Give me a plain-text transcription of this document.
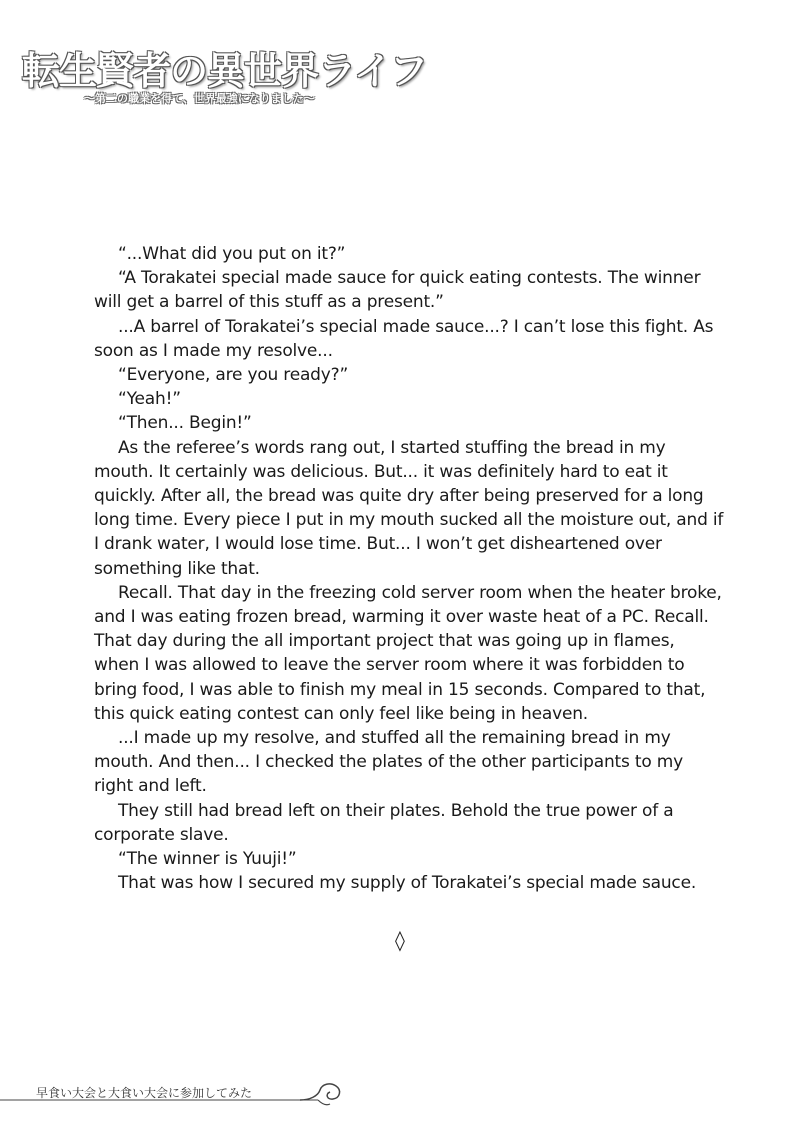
転生賢者の異世界ライフ
〜第二の職業を得て、世界最強になりました〜

“...What did you put on it?”

“A Torakatei special made sauce for quick eating contests. The winner will get a barrel of this stuff as a present.”

...A barrel of Torakatei’s special made sauce...? I can’t lose this fight. As soon as I made my resolve...

“Everyone, are you ready?”

“Yeah!”

“Then... Begin!”

As the referee’s words rang out, I started stuffing the bread in my mouth. It certainly was delicious. But... it was definitely hard to eat it quickly. After all, the bread was quite dry after being preserved for a long long time. Every piece I put in my mouth sucked all the moisture out, and if I drank water, I would lose time. But... I won’t get disheartened over something like that.

Recall. That day in the freezing cold server room when the heater broke, and I was eating frozen bread, warming it over waste heat of a PC. Recall. That day during the all important project that was going up in flames, when I was allowed to leave the server room where it was forbidden to bring food, I was able to finish my meal in 15 seconds. Compared to that, this quick eating contest can only feel like being in heaven.

...I made up my resolve, and stuffed all the remaining bread in my mouth. And then... I checked the plates of the other participants to my right and left.

They still had bread left on their plates. Behold the true power of a corporate slave.

“The winner is Yuuji!”

That was how I secured my supply of Torakatei’s special made sauce.

◊
早食い大会と大食い大会に参加してみた
